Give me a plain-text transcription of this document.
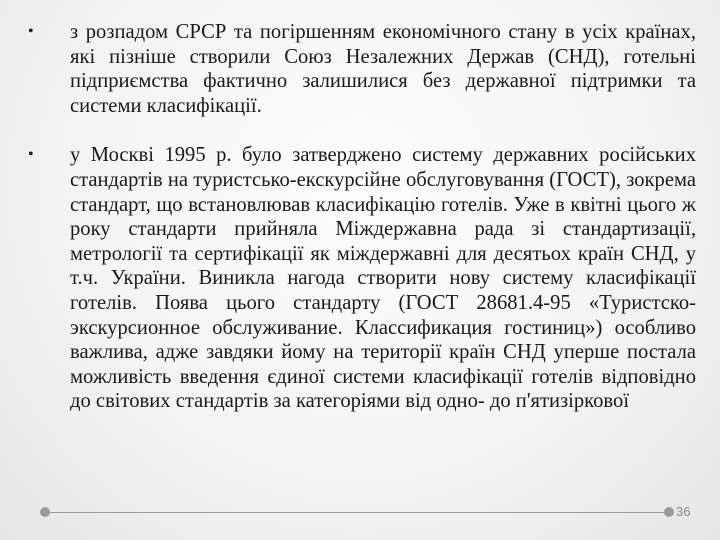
• з розпадом СРСР та погіршенням економічного стану в усіх країнах, які пізніше створили Союз Незалежних Держав (СНД), готельні підприємства фактично залишилися без державної підтримки та системи класифікації.
• у Москві 1995 р. було затверджено систему державних російських стандартів на туристсько-екскурсійне обслуговування (ГОСТ), зокрема стандарт, що встановлював класифікацію готелів. Уже в квітні цього ж року стандарти прийняла Міждержавна рада зі стандартизації, метрології та сертифікації як міждержавні для десятьох країн СНД, у т.ч. України. Виникла нагода створити нову систему класифікації готелів. Поява цього стандарту (ГОСТ 28681.4-95 «Туристско-экскурсионное обслуживание. Классификация гостиниц») особливо важлива, адже завдяки йому на території країн СНД уперше постала можливість введення єдиної системи класифікації готелів відповідно до світових стандартів за категоріями від одно- до п'ятизіркової
36
